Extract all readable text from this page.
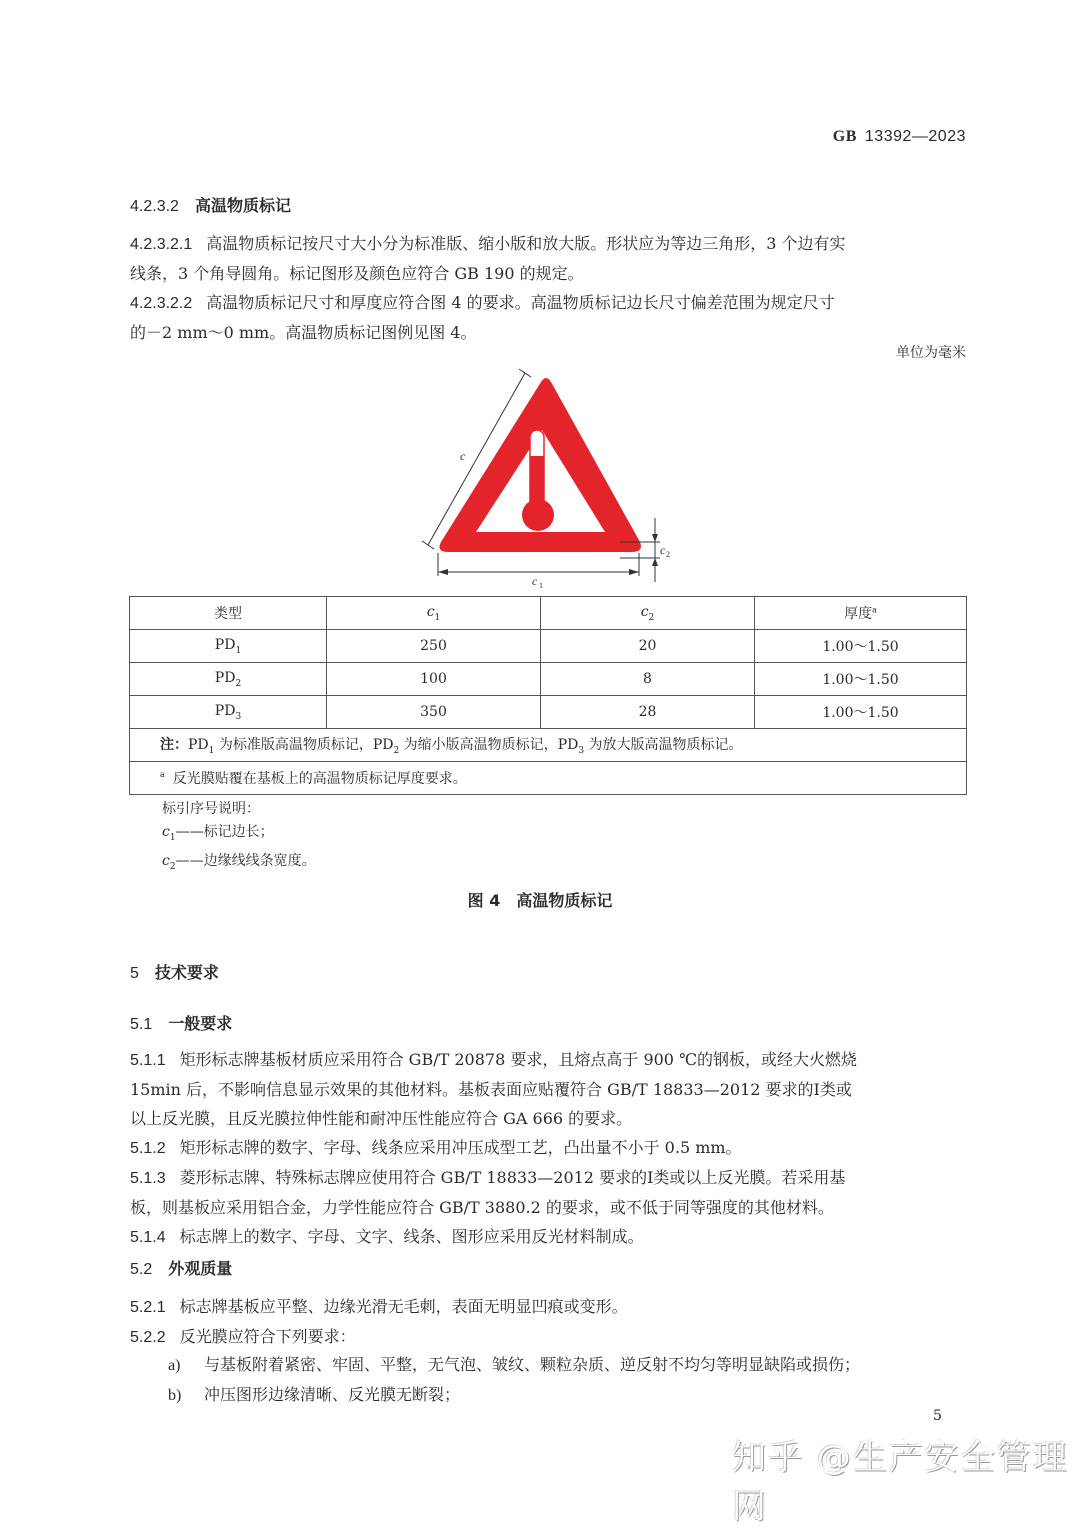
GB 13392—2023
4.2.3.2 高温物质标记
4.2.3.2.1 高温物质标记按尺寸大小分为标准版、缩小版和放大版。形状应为等边三角形，3 个边有实
线条，3 个角导圆角。标记图形及颜色应符合 GB 190 的规定。
4.2.3.2.2 高温物质标记尺寸和厚度应符合图 4 的要求。高温物质标记边长尺寸偏差范围为规定尺寸
的－2 mm～0 mm。高温物质标记图例见图 4。
单位为毫米
c
c 1
c 2
类型	$c_1$	$c_2$	厚度$^a$
$PD_1$	250	20	1.00～1.50
$PD_2$	100	8	1.00～1.50
$PD_3$	350	28	1.00～1.50
注：$PD_1$ 为标准版高温物质标记，$PD_2$ 为缩小版高温物质标记，$PD_3$ 为放大版高温物质标记。			
$^a$ 反光膜贴覆在基板上的高温物质标记厚度要求。			
标引序号说明：
$c_1——$标记边长；
$c_2——$边缘线线条宽度。
图 4 高温物质标记
5 技术要求
5.1 一般要求
5.1.1 矩形标志牌基板材质应采用符合 GB/T 20878 要求，且熔点高于 900 ℃的钢板，或经大火燃烧
15min 后，不影响信息显示效果的其他材料。基板表面应贴覆符合 GB/T 18833—2012 要求的Ⅰ类或
以上反光膜，且反光膜拉伸性能和耐冲压性能应符合 GA 666 的要求。
5.1.2 矩形标志牌的数字、字母、线条应采用冲压成型工艺，凸出量不小于 0.5 mm。
5.1.3 菱形标志牌、特殊标志牌应使用符合 GB/T 18833—2012 要求的Ⅰ类或以上反光膜。若采用基
板，则基板应采用铝合金，力学性能应符合 GB/T 3880.2 的要求，或不低于同等强度的其他材料。
5.1.4 标志牌上的数字、字母、文字、线条、图形应采用反光材料制成。
5.2 外观质量
5.2.1 标志牌基板应平整、边缘光滑无毛刺，表面无明显凹痕或变形。
5.2.2 反光膜应符合下列要求：
a) 与基板附着紧密、牢固、平整，无气泡、皱纹、颗粒杂质、逆反射不均匀等明显缺陷或损伤；
b) 冲压图形边缘清晰、反光膜无断裂；
5
知乎 @生产安全管理网
